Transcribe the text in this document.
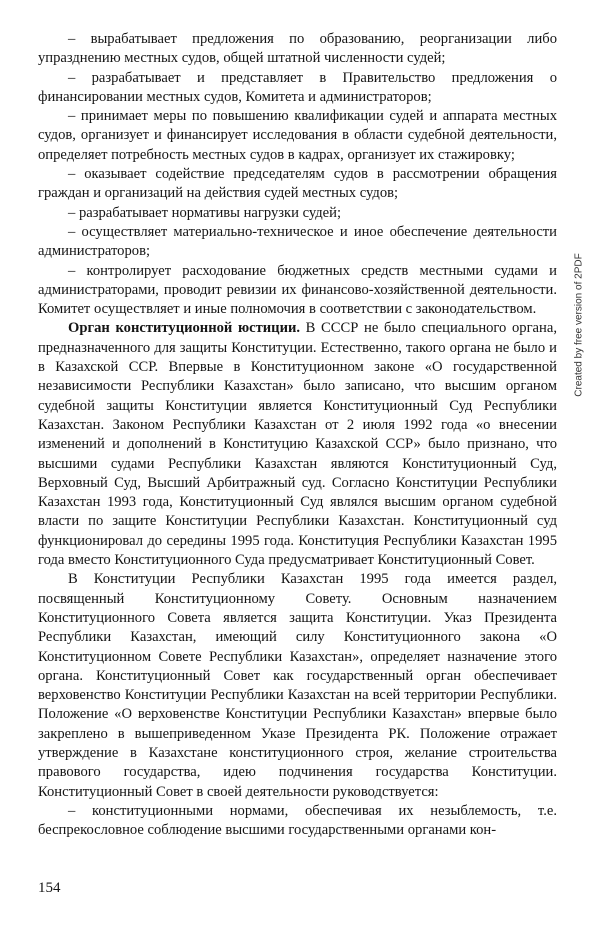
– вырабатывает предложения по образованию, реорганизации либо упразднению местных судов, общей штатной численности судей;

– разрабатывает и представляет в Правительство предложения о финансировании местных судов, Комитета и администраторов;

– принимает меры по повышению квалификации судей и аппарата местных судов, организует и финансирует исследования в области судебной деятельности, определяет потребность местных судов в кадрах, организует их стажировку;

– оказывает содействие председателям судов в рассмотрении обращения граждан и организаций на действия судей местных судов;

– разрабатывает нормативы нагрузки судей;

– осуществляет материально-техническое и иное обеспечение деятельности администраторов;

– контролирует расходование бюджетных средств местными судами и администраторами, проводит ревизии их финансово-хозяйственной деятельности. Комитет осуществляет и иные полномочия в соответствии с законодательством.

Орган конституционной юстиции. В СССР не было специального органа, предназначенного для защиты Конституции. Естественно, такого органа не было и в Казахской ССР. Впервые в Конституционном законе «О государственной независимости Республики Казахстан» было записано, что высшим органом судебной защиты Конституции является Конституционный Суд Республики Казахстан. Законом Республики Казахстан от 2 июля 1992 года «о внесении изменений и дополнений в Конституцию Казахской ССР» было признано, что высшими судами Республики Казахстан являются Конституционный Суд, Верховный Суд, Высший Арбитражный суд. Согласно Конституции Республики Казахстан 1993 года, Конституционный Суд являлся высшим органом судебной власти по защите Конституции Республики Казахстан. Конституционный суд функционировал до середины 1995 года. Конституция Республики Казахстан 1995 года вместо Конституционного Суда предусматривает Конституционный Совет.

В Конституции Республики Казахстан 1995 года имеется раздел, посвященный Конституционному Совету. Основным назначением Конституционного Совета является защита Конституции. Указ Президента Республики Казахстан, имеющий силу Конституционного закона «О Конституционном Совете Республики Казахстан», определяет назначение этого органа. Конституционный Совет как государственный орган обеспечивает верховенство Конституции Республики Казахстан на всей территории Республики. Положение «О верховенстве Конституции Республики Казахстан» впервые было закреплено в вышеприведенном Указе Президента РК. Положение отражает утверждение в Казахстане конституционного строя, желание строительства правового государства, идею подчинения государства Конституции. Конституционный Совет в своей деятельности руководствуется:

– конституционными нормами, обеспечивая их незыблемость, т.е. беспрекословное соблюдение высшими государственными органами кон-

154
Created by free version of 2PDF
